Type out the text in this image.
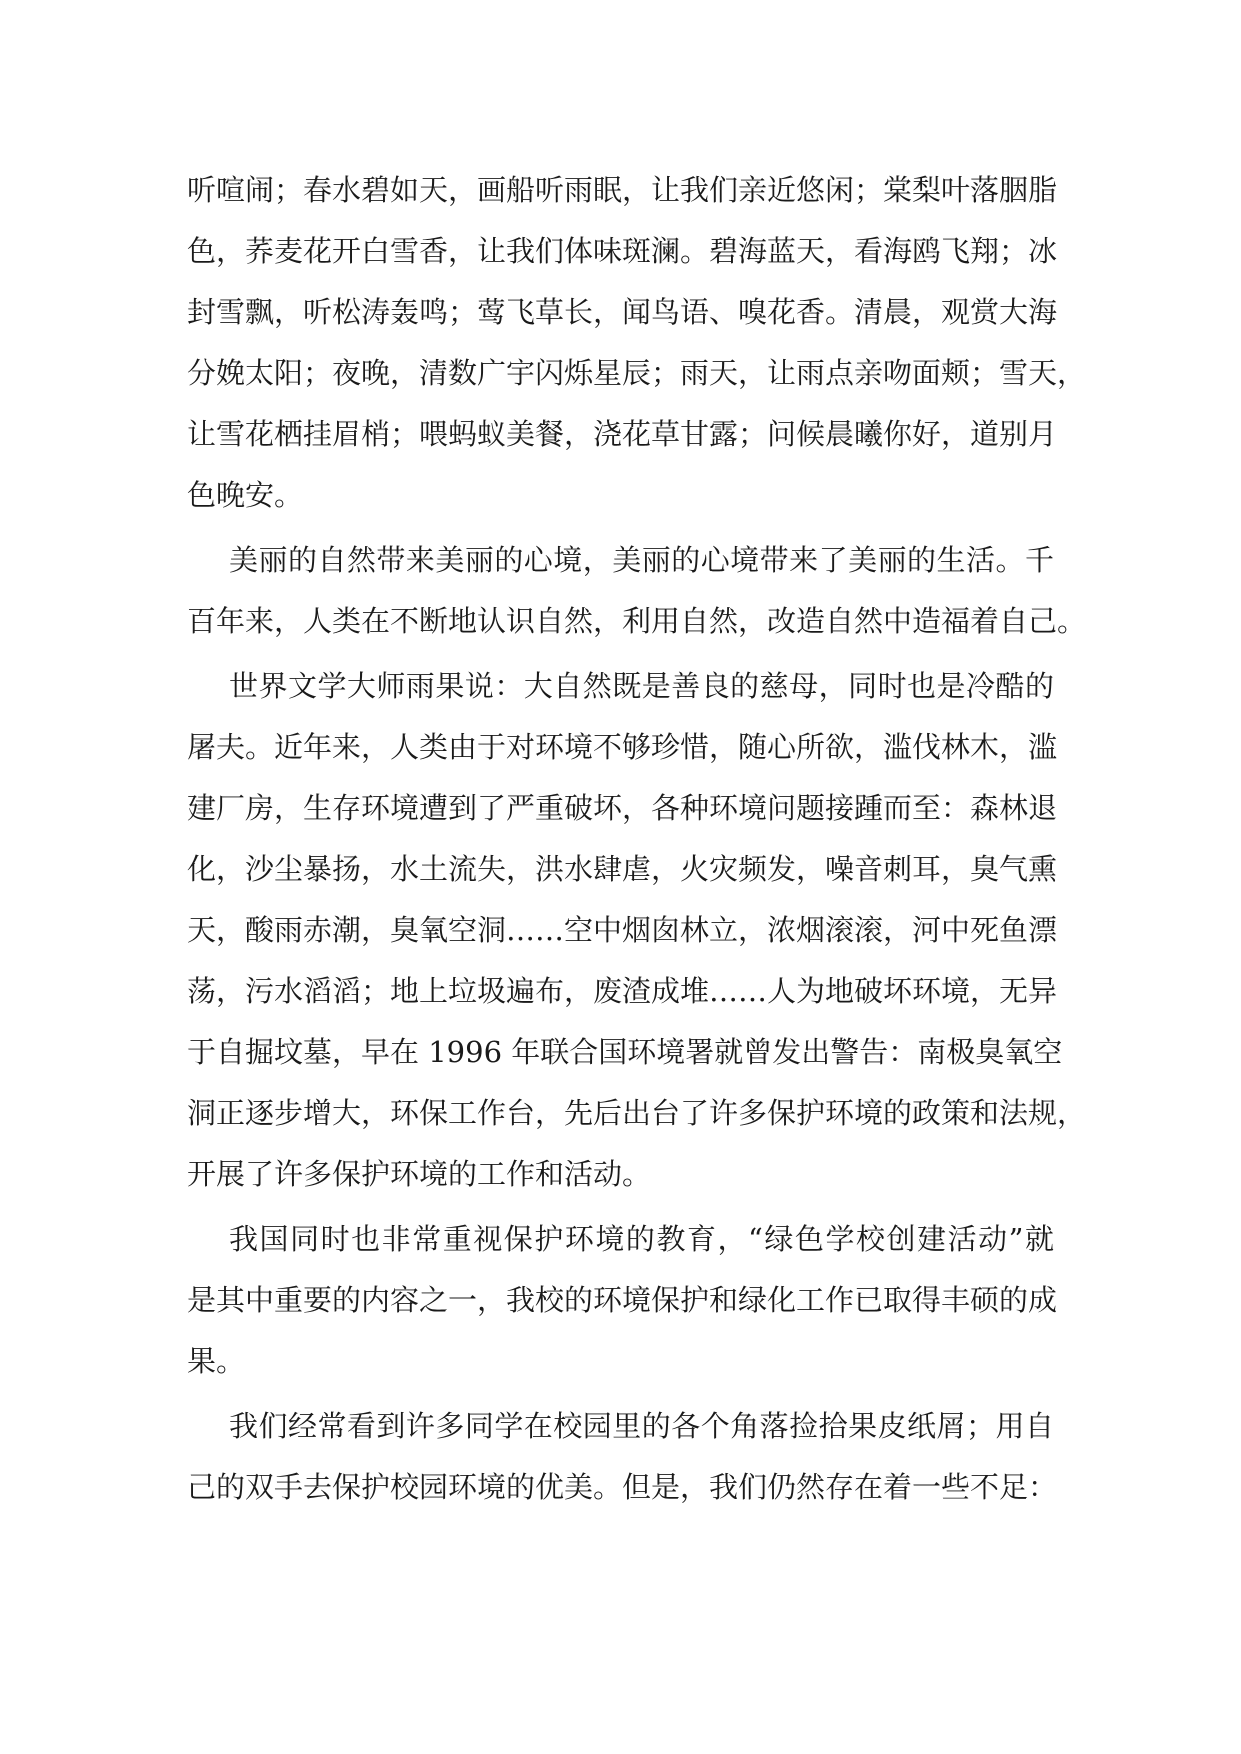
听喧闹；春水碧如天，画船听雨眠，让我们亲近悠闲；棠梨叶落胭脂
色，荞麦花开白雪香，让我们体味斑澜。碧海蓝天，看海鸥飞翔；冰
封雪飘，听松涛轰鸣；莺飞草长，闻鸟语、嗅花香。清晨，观赏大海
分娩太阳；夜晚，清数广宇闪烁星辰；雨天，让雨点亲吻面颊；雪天，
让雪花栖挂眉梢；喂蚂蚁美餐，浇花草甘露；问候晨曦你好，道别月
色晚安。

美丽的自然带来美丽的心境，美丽的心境带来了美丽的生活。千
百年来，人类在不断地认识自然，利用自然，改造自然中造福着自己。

世界文学大师雨果说：大自然既是善良的慈母，同时也是冷酷的
屠夫。近年来，人类由于对环境不够珍惜，随心所欲，滥伐林木，滥
建厂房，生存环境遭到了严重破坏，各种环境问题接踵而至：森林退
化，沙尘暴扬，水土流失，洪水肆虐，火灾频发，噪音刺耳，臭气熏
天，酸雨赤潮，臭氧空洞……空中烟囱林立，浓烟滚滚，河中死鱼漂
荡，污水滔滔；地上垃圾遍布，废渣成堆……人为地破坏环境，无异
于自掘坟墓，早在 1996 年联合国环境署就曾发出警告：南极臭氧空
洞正逐步增大，环保工作台，先后出台了许多保护环境的政策和法规，
开展了许多保护环境的工作和活动。

我国同时也非常重视保护环境的教育，“绿色学校创建活动”就
是其中重要的内容之一，我校的环境保护和绿化工作已取得丰硕的成
果。

我们经常看到许多同学在校园里的各个角落捡拾果皮纸屑；用自
己的双手去保护校园环境的优美。但是，我们仍然存在着一些不足：
